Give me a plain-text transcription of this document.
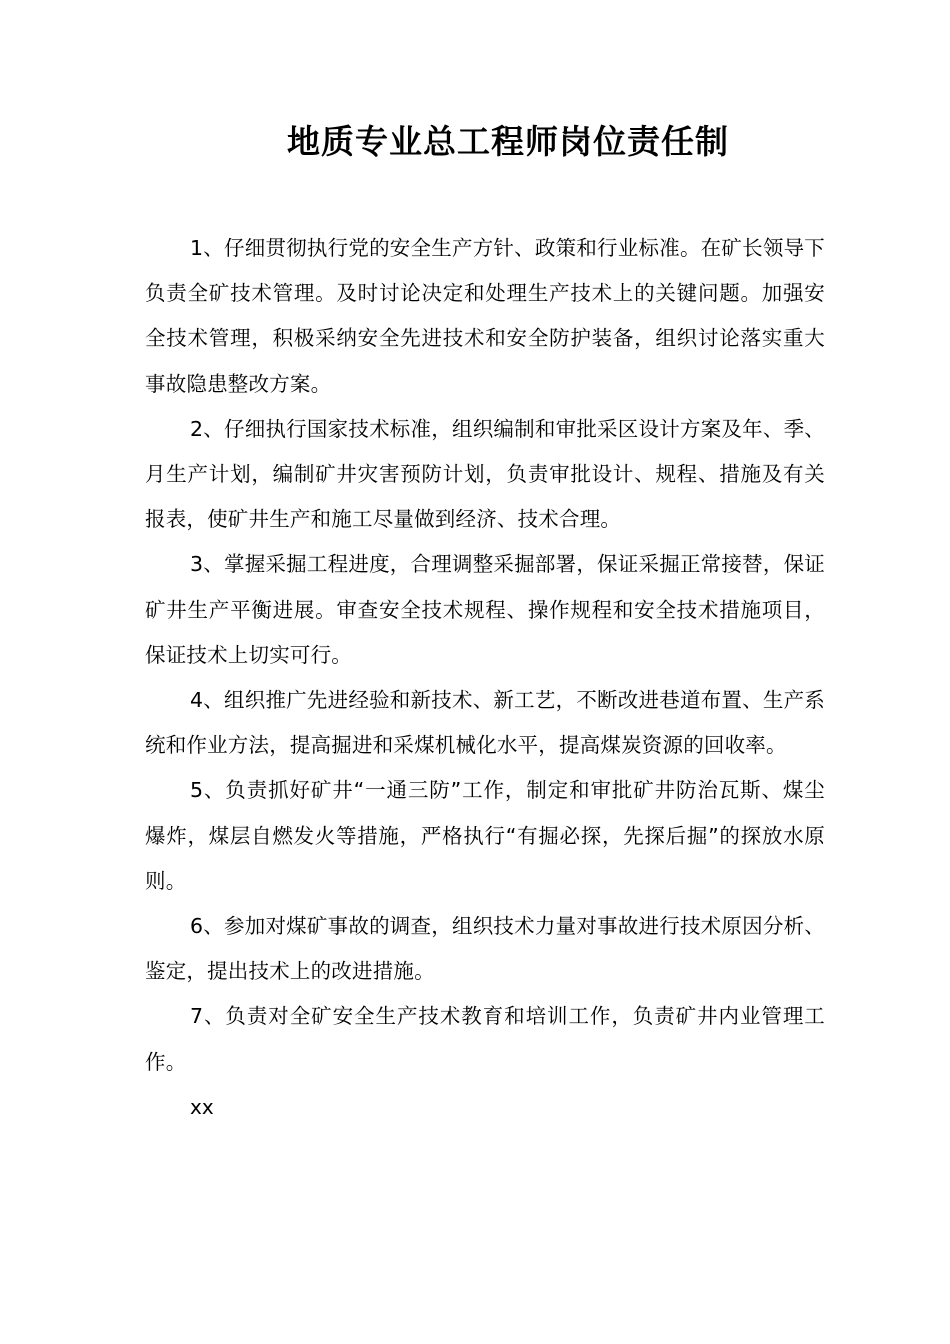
地质专业总工程师岗位责任制

1、仔细贯彻执行党的安全生产方针、政策和行业标准。在矿长领导下负责全矿技术管理。及时讨论决定和处理生产技术上的关键问题。加强安全技术管理，积极采纳安全先进技术和安全防护装备，组织讨论落实重大事故隐患整改方案。

2、仔细执行国家技术标准，组织编制和审批采区设计方案及年、季、月生产计划，编制矿井灾害预防计划，负责审批设计、规程、措施及有关报表，使矿井生产和施工尽量做到经济、技术合理。

3、掌握采掘工程进度，合理调整采掘部署，保证采掘正常接替，保证矿井生产平衡进展。审查安全技术规程、操作规程和安全技术措施项目，保证技术上切实可行。

4、组织推广先进经验和新技术、新工艺，不断改进巷道布置、生产系统和作业方法，提高掘进和采煤机械化水平，提高煤炭资源的回收率。

5、负责抓好矿井“一通三防”工作，制定和审批矿井防治瓦斯、煤尘爆炸，煤层自燃发火等措施，严格执行“有掘必探，先探后掘”的探放水原则。

6、参加对煤矿事故的调查，组织技术力量对事故进行技术原因分析、鉴定，提出技术上的改进措施。

7、负责对全矿安全生产技术教育和培训工作，负责矿井内业管理工作。

xx
